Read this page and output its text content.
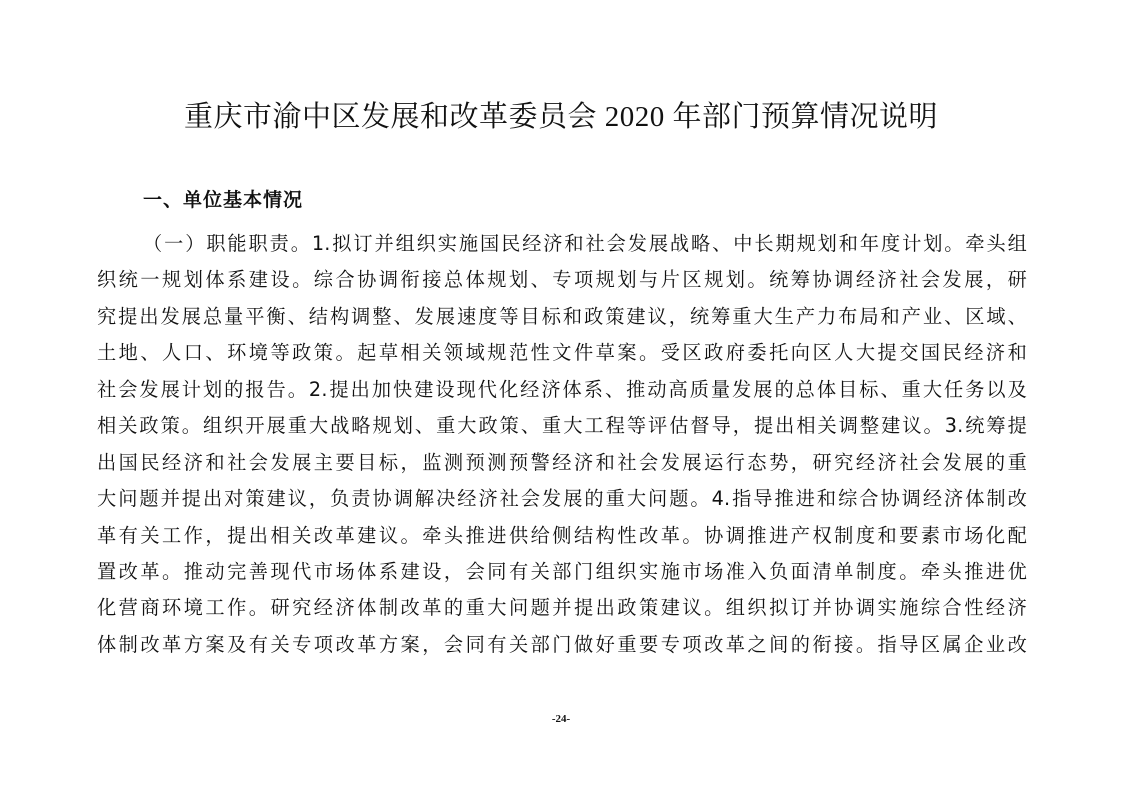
重庆市渝中区发展和改革委员会 2020 年部门预算情况说明
一、单位基本情况
（一）职能职责。1.拟订并组织实施国民经济和社会发展战略、中长期规划和年度计划。牵头组
织统一规划体系建设。综合协调衔接总体规划、专项规划与片区规划。统筹协调经济社会发展，研
究提出发展总量平衡、结构调整、发展速度等目标和政策建议，统筹重大生产力布局和产业、区域、
土地、人口、环境等政策。起草相关领域规范性文件草案。受区政府委托向区人大提交国民经济和
社会发展计划的报告。2.提出加快建设现代化经济体系、推动高质量发展的总体目标、重大任务以及
相关政策。组织开展重大战略规划、重大政策、重大工程等评估督导，提出相关调整建议。3.统筹提
出国民经济和社会发展主要目标，监测预测预警经济和社会发展运行态势，研究经济社会发展的重
大问题并提出对策建议，负责协调解决经济社会发展的重大问题。4.指导推进和综合协调经济体制改
革有关工作，提出相关改革建议。牵头推进供给侧结构性改革。协调推进产权制度和要素市场化配
置改革。推动完善现代市场体系建设，会同有关部门组织实施市场准入负面清单制度。牵头推进优
化营商环境工作。研究经济体制改革的重大问题并提出政策建议。组织拟订并协调实施综合性经济
体制改革方案及有关专项改革方案，会同有关部门做好重要专项改革之间的衔接。指导区属企业改
-24-
